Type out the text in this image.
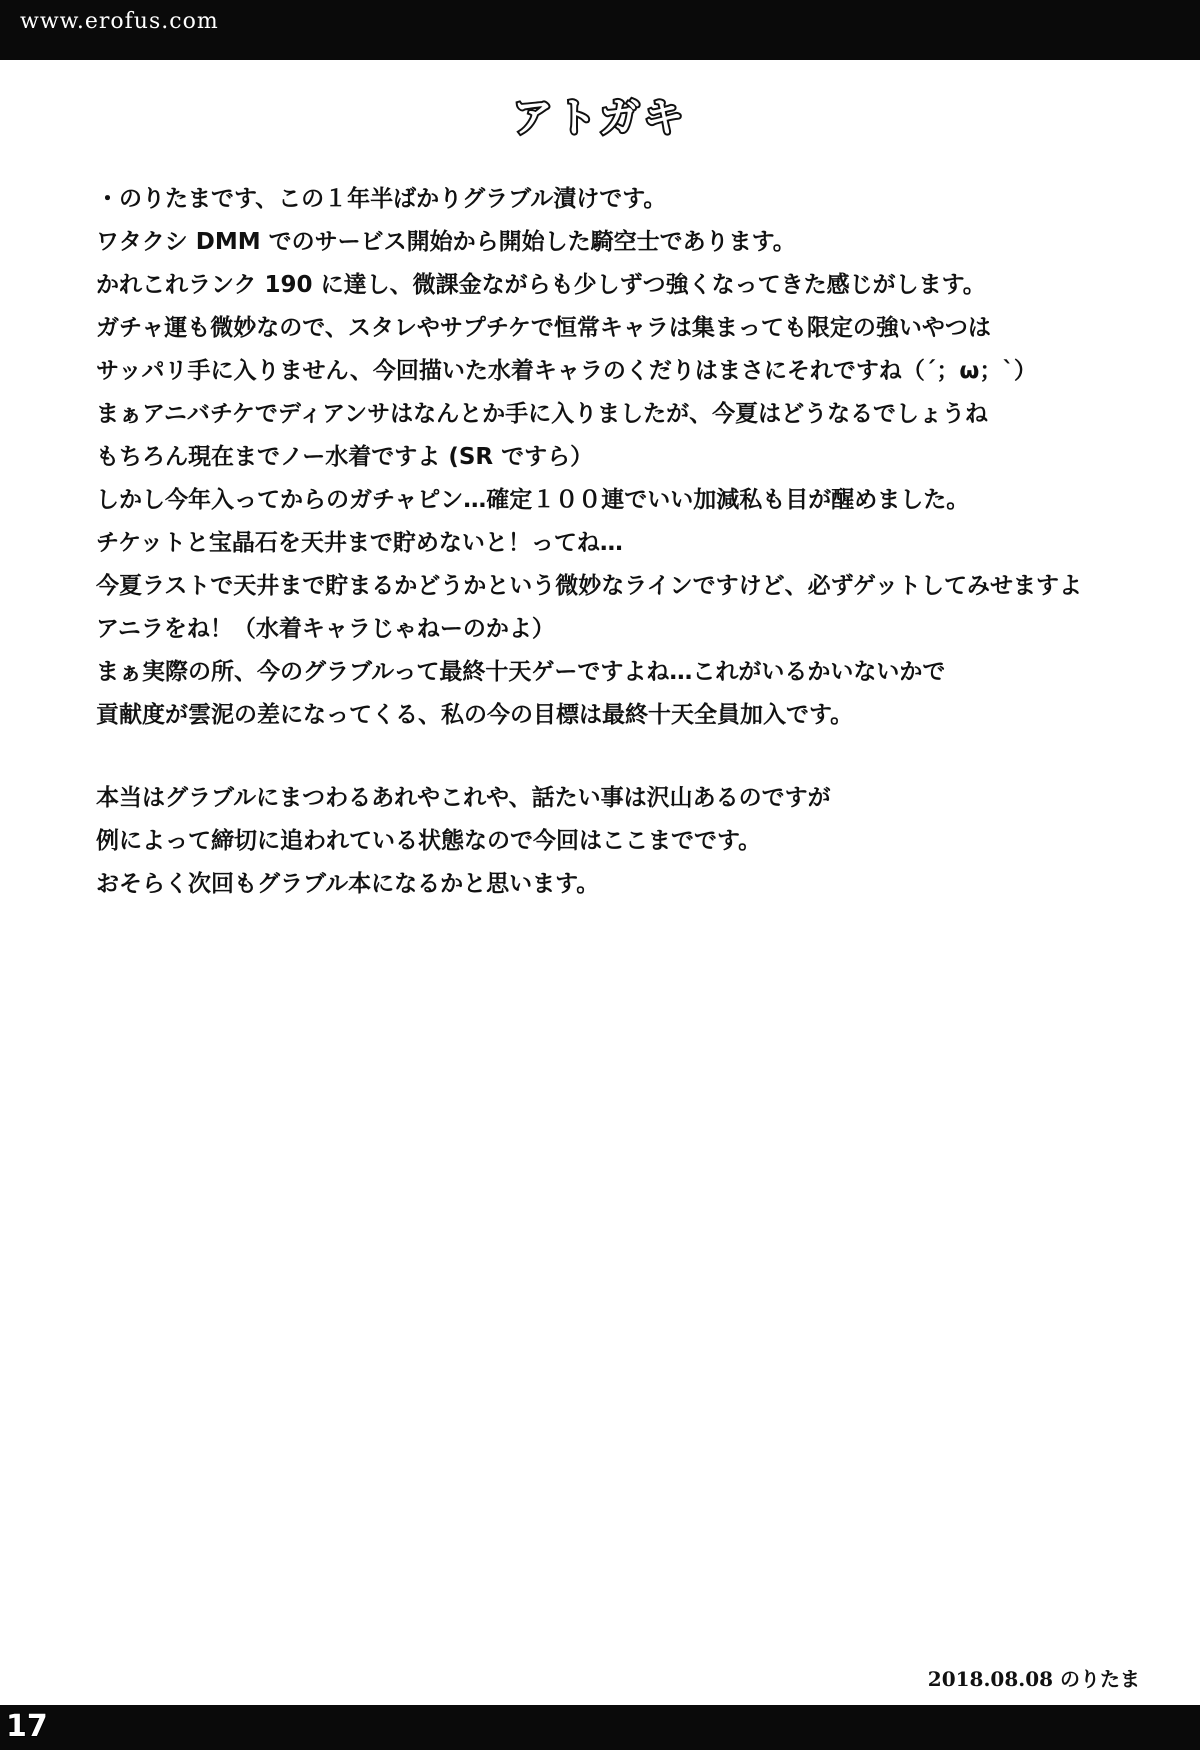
www.erofus.com
アトガキ
・のりたまです、この１年半ばかりグラブル漬けです。
ワタクシ DMM でのサービス開始から開始した騎空士であります。
かれこれランク 190 に達し、微課金ながらも少しずつ強くなってきた感じがします。
ガチャ運も微妙なので、スタレやサプチケで恒常キャラは集まっても限定の強いやつは
サッパリ手に入りません、今回描いた水着キャラのくだりはまさにそれですね（´；ω；`）
まぁアニバチケでディアンサはなんとか手に入りましたが、今夏はどうなるでしょうね
もちろん現在までノー水着ですよ (SR ですら）
しかし今年入ってからのガチャピン…確定１００連でいい加減私も目が醒めました。
チケットと宝晶石を天井まで貯めないと！ってね…
今夏ラストで天井まで貯まるかどうかという微妙なラインですけど、必ずゲットしてみせますよ
アニラをね！（水着キャラじゃねーのかよ）
まぁ実際の所、今のグラブルって最終十天ゲーですよね…これがいるかいないかで
貢献度が雲泥の差になってくる、私の今の目標は最終十天全員加入です。
本当はグラブルにまつわるあれやこれや、話たい事は沢山あるのですが
例によって締切に追われている状態なので今回はここまでです。
おそらく次回もグラブル本になるかと思います。
2018.08.08 のりたま
17
